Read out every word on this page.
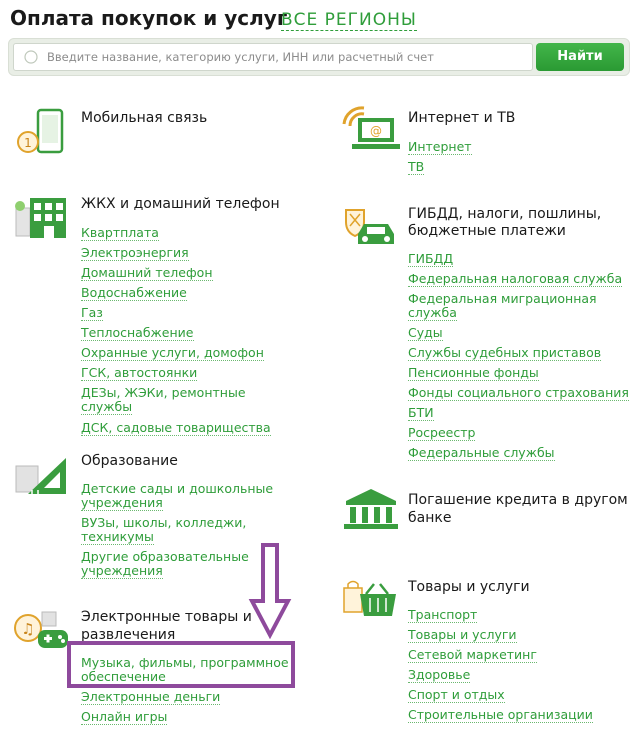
Оплата покупок и услуг
ВСЕ РЕГИОНЫ
Введите название, категорию услуги, ИНН или расчетный счет	Найти
1
Мобильная связь
ЖКХ и домашний телефон
Квартплата
Электроэнергия
Домашний телефон
Водоснабжение
Газ
Теплоснабжение
Охранные услуги, домофон
ГСК, автостоянки
ДЕЗы, ЖЭКи, ремонтные
службы
ДСК, садовые товарищества
Образование
Детские сады и дошкольные
учреждения
ВУЗы, школы, колледжи,
техникумы
Другие образовательные
учреждения
♫
Электронные товары и
развлечения
Музыка, фильмы, программное
обеспечение
Электронные деньги
Онлайн игры
@
Интернет и ТВ
Интернет
ТВ
ГИБДД, налоги, пошлины,
бюджетные платежи
ГИБДД
Федеральная налоговая служба
Федеральная миграционная
служба
Суды
Службы судебных приставов
Пенсионные фонды
Фонды социального страхования
БТИ
Росреестр
Федеральные службы
Погашение кредита в другом
банке
Товары и услуги
Транспорт
Товары и услуги
Сетевой маркетинг
Здоровье
Спорт и отдых
Строительные организации
